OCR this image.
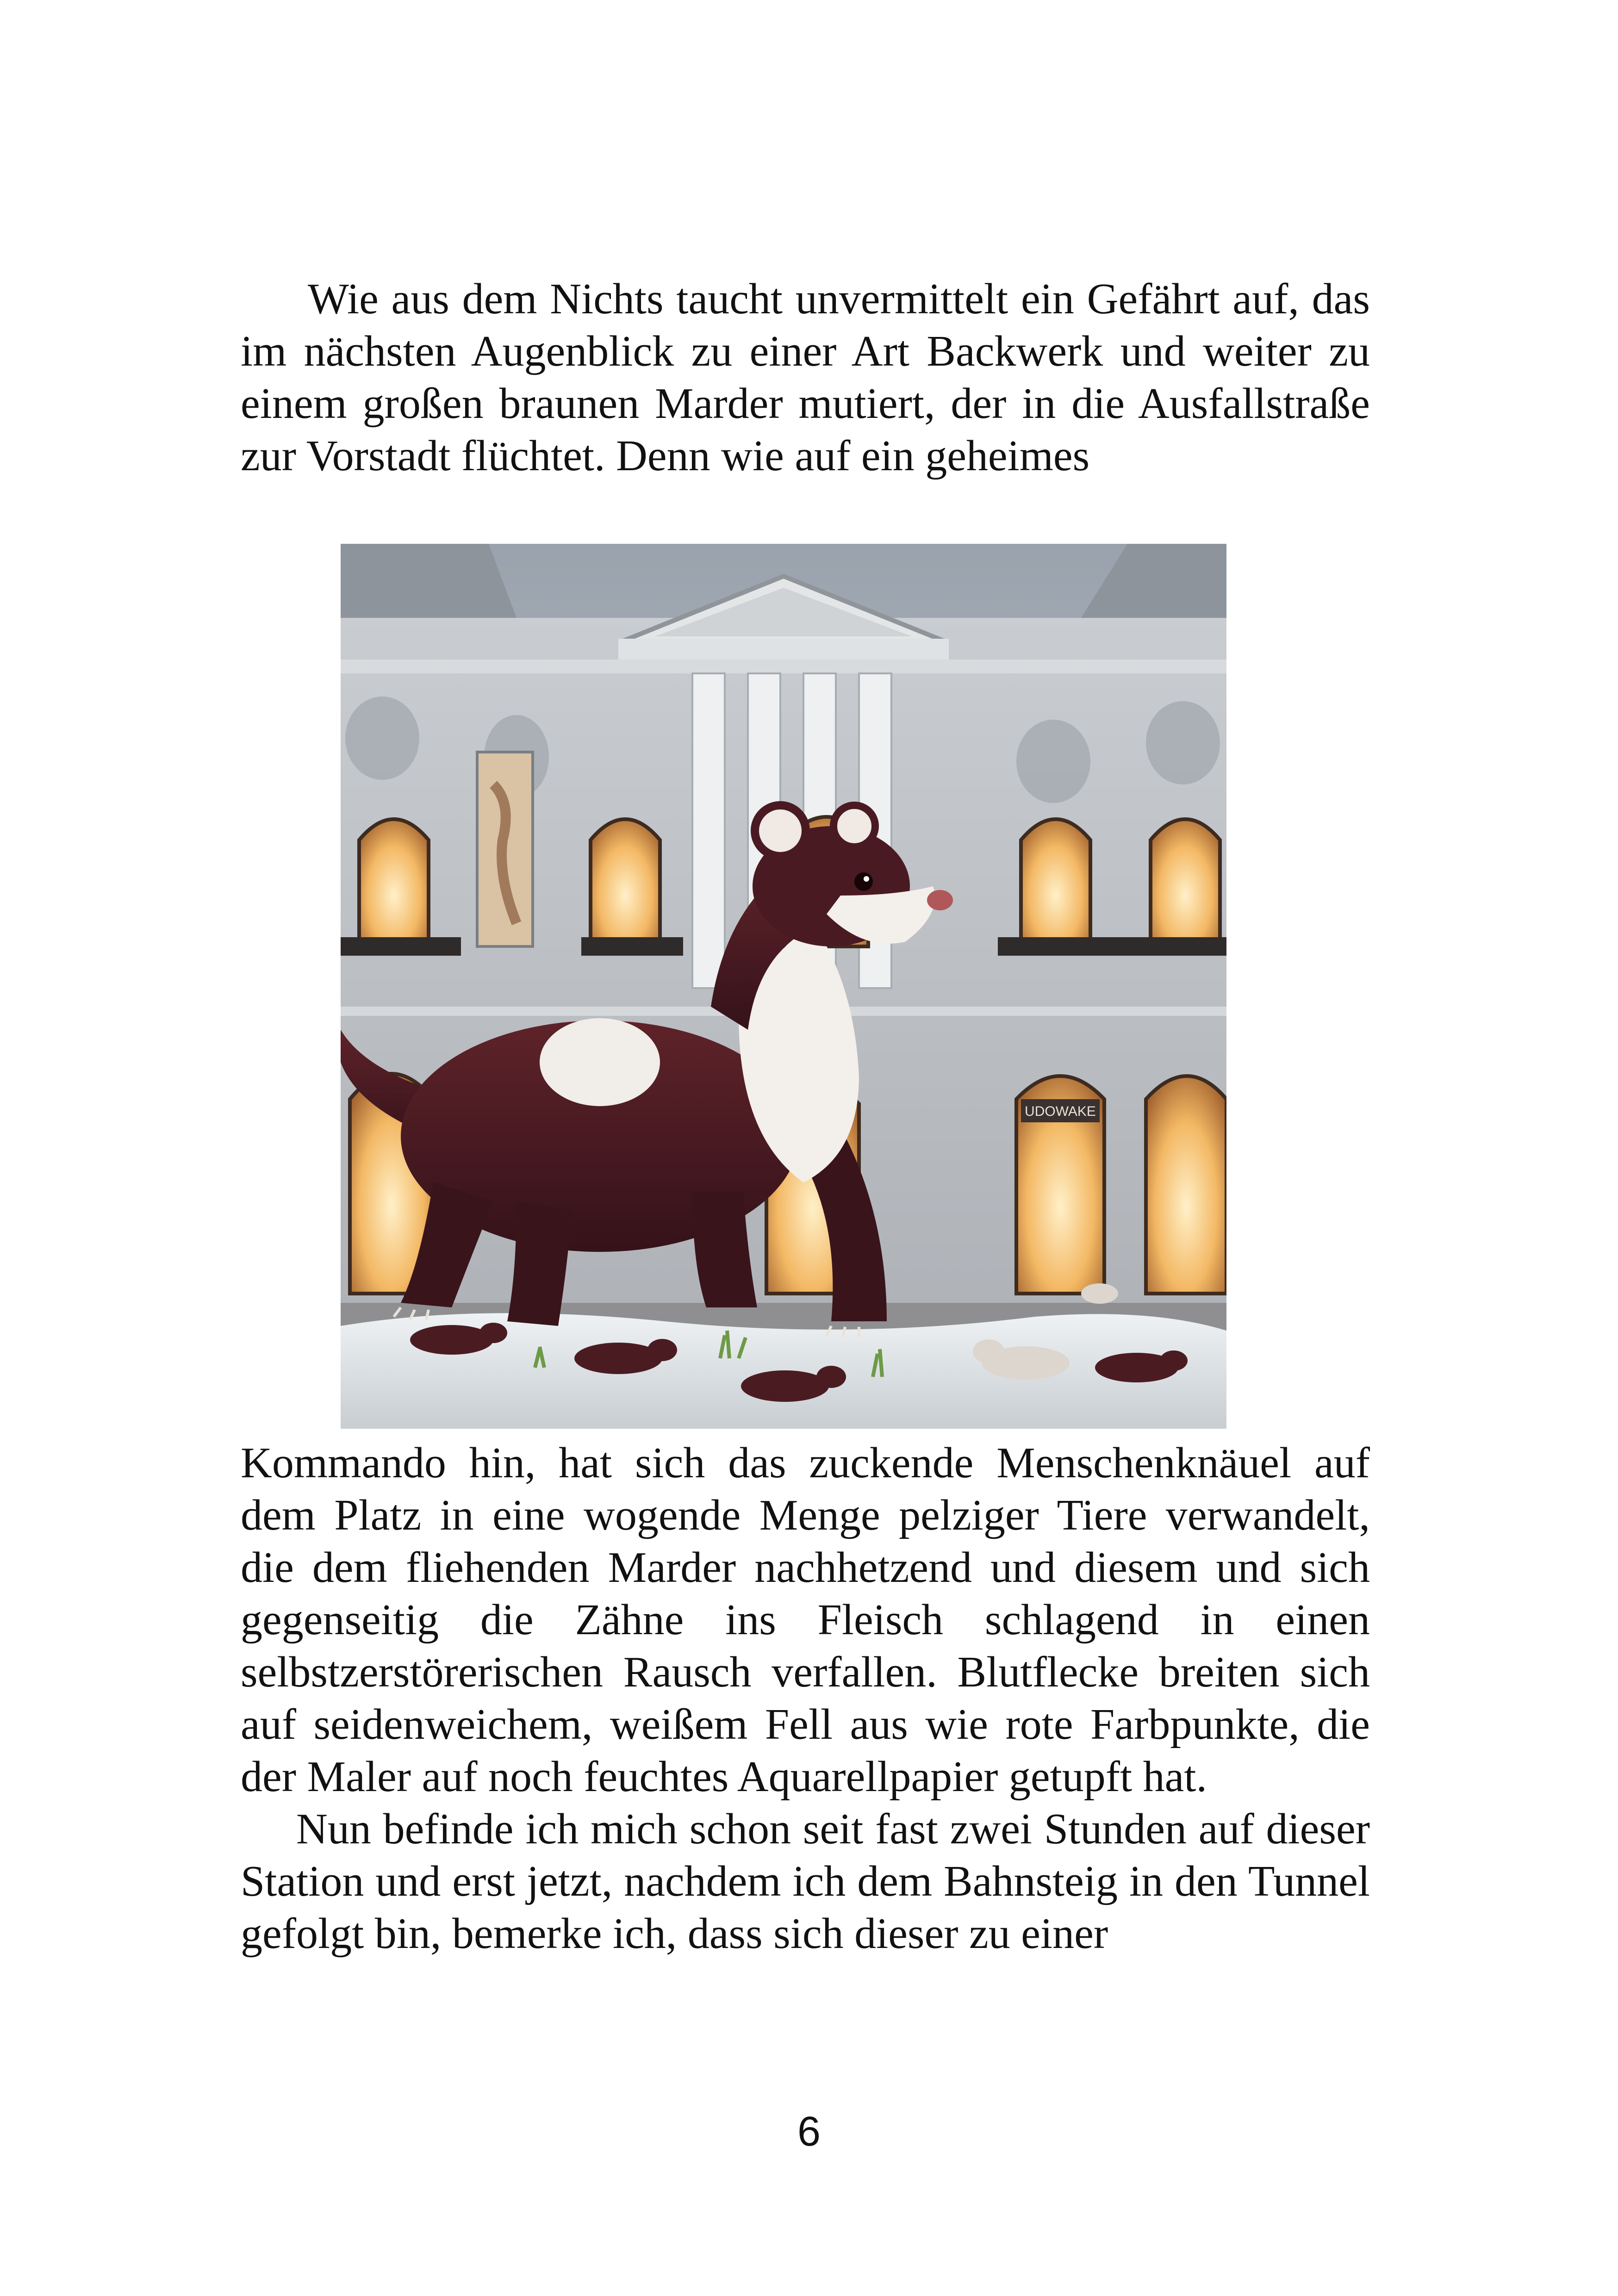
Wie aus dem Nichts taucht unvermittelt ein Gefährt auf, das im nächsten Augenblick zu einer Art Backwerk und weiter zu einem großen braunen Marder mutiert, der in die Ausfallstraße zur Vorstadt flüchtet. Denn wie auf ein geheimes

UDOWAKE

Kommando hin, hat sich das zuckende Menschenknäuel auf dem Platz in eine wogende Menge pelziger Tiere verwandelt, die dem fliehenden Marder nachhetzend und diesem und sich gegenseitig die Zähne ins Fleisch schlagend in einen selbstzerstörerischen Rausch verfallen. Blutflecke breiten sich auf seidenweichem, weißem Fell aus wie rote Farbpunkte, die der Maler auf noch feuchtes Aquarellpapier getupft hat.

Nun befinde ich mich schon seit fast zwei Stunden auf dieser Station und erst jetzt, nachdem ich dem Bahnsteig in den Tunnel gefolgt bin, bemerke ich, dass sich dieser zu einer

6
